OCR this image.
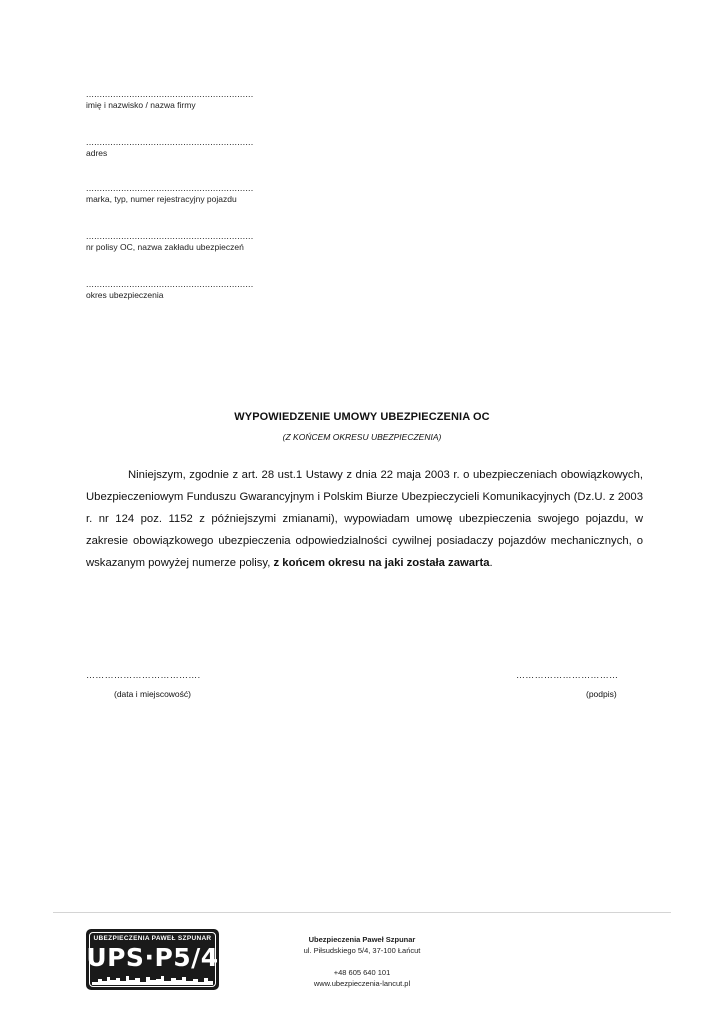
..............................................................
imię i nazwisko / nazwa firmy
..............................................................
adres
..............................................................
marka, typ, numer rejestracyjny pojazdu
..............................................................
nr polisy OC, nazwa zakładu ubezpieczeń
..............................................................
okres ubezpieczenia
WYPOWIEDZENIE UMOWY UBEZPIECZENIA OC
(Z KOŃCEM OKRESU UBEZPIECZENIA)
Niniejszym, zgodnie z art. 28 ust.1 Ustawy z dnia 22 maja 2003 r. o ubezpieczeniach obowiązkowych, Ubezpieczeniowym Funduszu Gwarancyjnym i Polskim Biurze Ubezpieczycieli Komunikacyjnych (Dz.U. z 2003 r. nr 124 poz. 1152 z późniejszymi zmianami), wypowiadam umowę ubezpieczenia swojego pojazdu, w zakresie obowiązkowego ubezpieczenia odpowiedzialności cywilnej posiadaczy pojazdów mechanicznych, o wskazanym powyżej numerze polisy, z końcem okresu na jaki została zawarta.
……………………………….
(data i miejscowość)
……………………………
(podpis)
UBEZPIECZENIA PAWEŁ SZPUNAR
UPS·P5/4
Ubezpieczenia Paweł Szpunar
ul. Piłsudskiego 5/4, 37-100 Łańcut
+48 605 640 101
www.ubezpieczenia-lancut.pl
